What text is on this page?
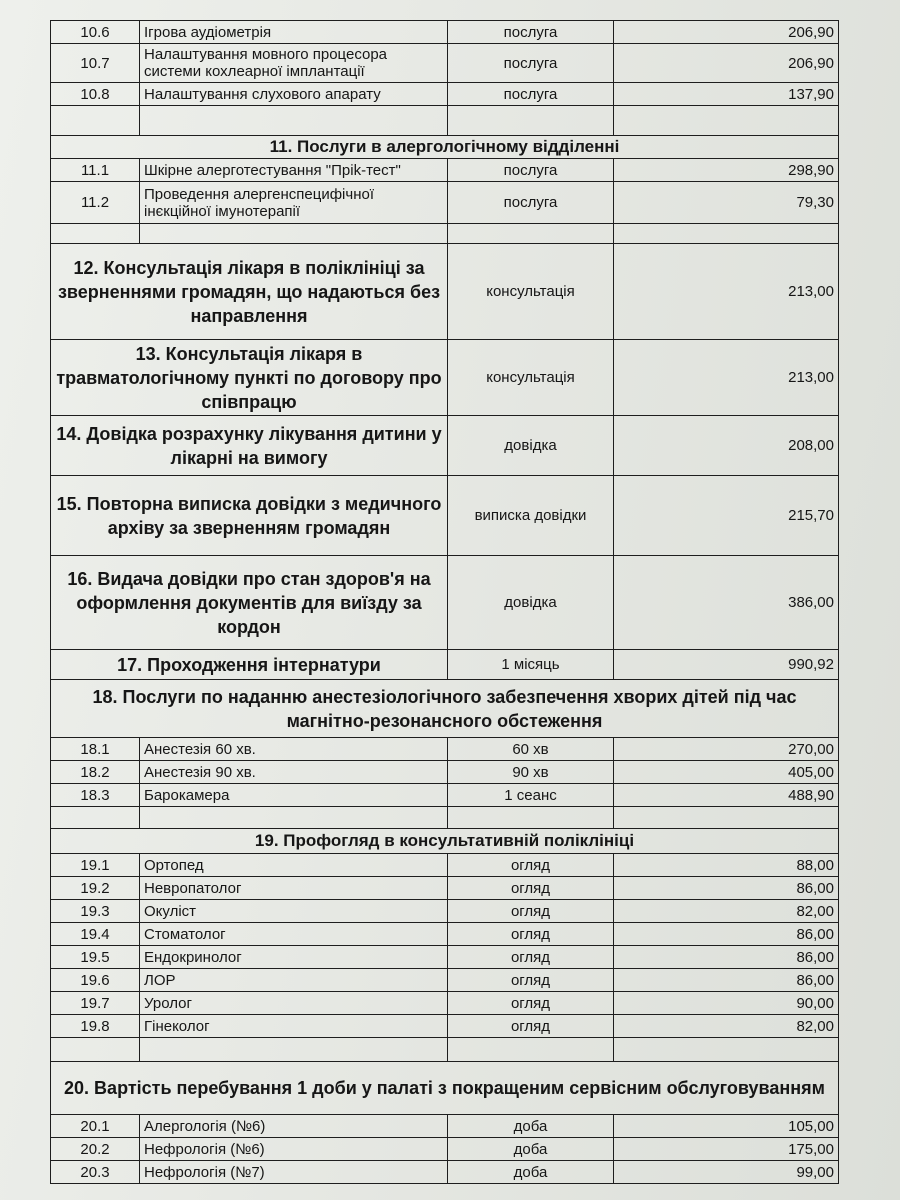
10.6	Ігрова аудіометрія	послуга	206,90
10.7	Налаштування мовного процесора системи кохлеарної імплантації	послуга	206,90
10.8	Налаштування слухового апарату	послуга	137,90

11. Послуги в алергологічному відділенні			
11.1	Шкірне алерготестування "Пріk-тест"	послуга	298,90
11.2	Проведення алергенспецифічної інєкційної імунотерапії	послуга	79,30

12. Консультація лікаря в поліклініці за зверненнями громадян, що надаються без направлення		консультація	213,00
13. Консультація лікаря в травматологічному пункті по договору про співпрацю		консультація	213,00
14. Довідка розрахунку лікування дитини у лікарні на вимогу		довідка	208,00
15. Повторна виписка довідки з медичного архіву за зверненням громадян		виписка довідки	215,70
16. Видача довідки про стан здоров'я на оформлення документів для виїзду за кордон		довідка	386,00
17. Проходження інтернатури		1 місяць	990,92
18. Послуги по наданню анестезіологічного забезпечення хворих дітей під час магнітно-резонансного обстеження			
18.1	Анестезія 60 хв.	60 хв	270,00
18.2	Анестезія 90 хв.	90 хв	405,00
18.3	Барокамера	1 сеанс	488,90

19. Профогляд в консультативній поліклініці			
19.1	Ортопед	огляд	88,00
19.2	Невропатолог	огляд	86,00
19.3	Окуліст	огляд	82,00
19.4	Стоматолог	огляд	86,00
19.5	Ендокринолог	огляд	86,00
19.6	ЛОР	огляд	86,00
19.7	Уролог	огляд	90,00
19.8	Гінеколог	огляд	82,00

20. Вартість перебування 1 доби у палаті з покращеним сервісним обслуговуванням			
20.1	Алергологія (№6)	доба	105,00
20.2	Нефрологія (№6)	доба	175,00
20.3	Нефрологія (№7)	доба	99,00
